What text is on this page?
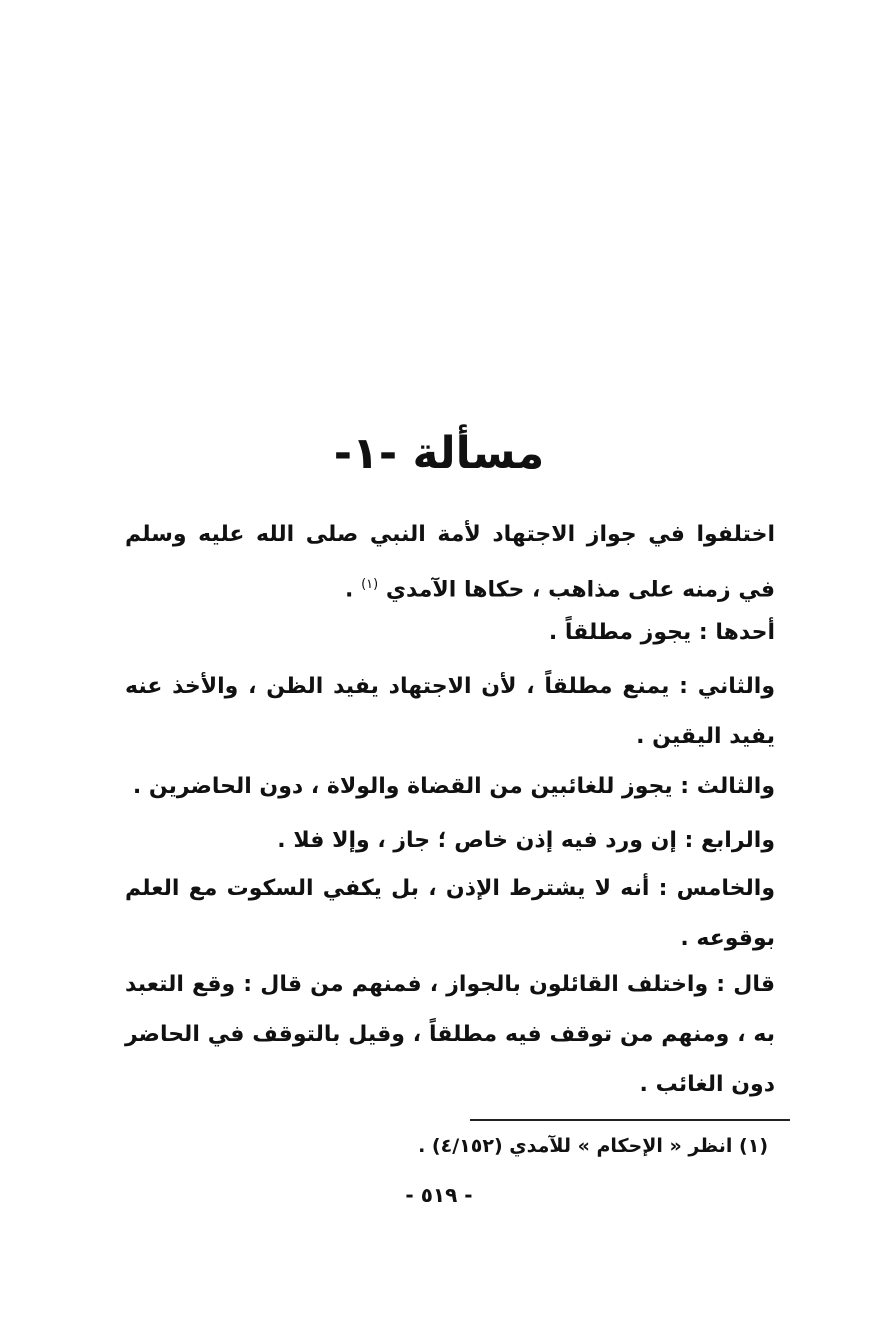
مسألة -١-
اختلفوا في جواز الاجتهاد لأمة النبي صلى الله عليه وسلم في زمنه على مذاهب ، حكاها الآمدي $^{(١)}$ .
أحدها : يجوز مطلقاً .
والثاني : يمنع مطلقاً ، لأن الاجتهاد يفيد الظن ، والأخذ عنه يفيد اليقين .
والثالث : يجوز للغائبين من القضاة والولاة ، دون الحاضرين .
والرابع : إن ورد فيه إذن خاص ؛ جاز ، وإلا فلا .
والخامس : أنه لا يشترط الإذن ، بل يكفي السكوت مع العلم بوقوعه .
قال : واختلف القائلون بالجواز ، فمنهم من قال : وقع التعبد به ، ومنهم من توقف فيه مطلقاً ، وقيل بالتوقف في الحاضر دون الغائب .
(١) انظر « الإحكام » للآمدي (٤/١٥٢) .
- ٥١٩ -
